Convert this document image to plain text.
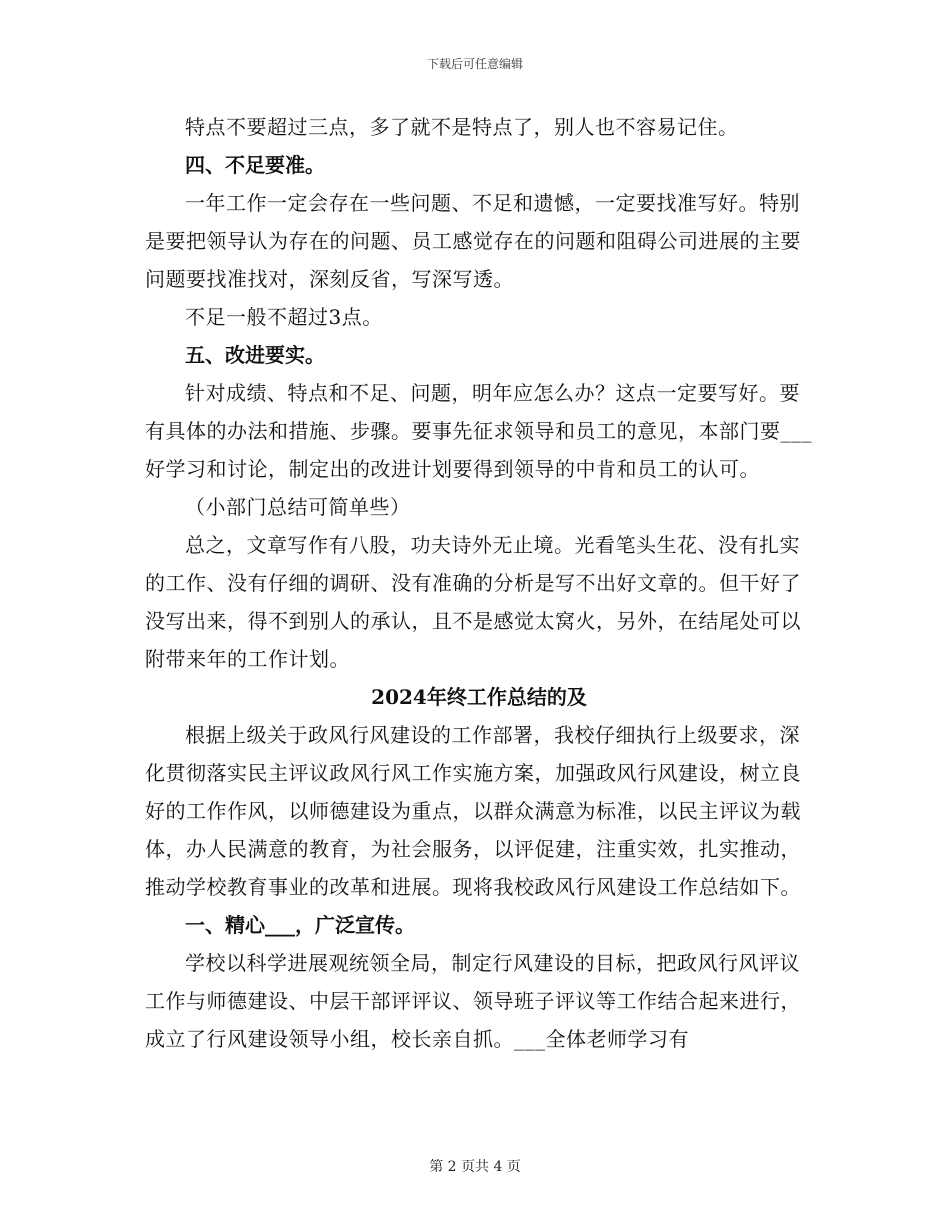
下载后可任意编辑

特点不要超过三点，多了就不是特点了，别人也不容易记住。

四、不足要准。

一年工作一定会存在一些问题、不足和遗憾，一定要找准写好。特别是要把领导认为存在的问题、员工感觉存在的问题和阻碍公司进展的主要问题要找准找对，深刻反省，写深写透。

不足一般不超过3点。

五、改进要实。

针对成绩、特点和不足、问题，明年应怎么办？这点一定要写好。要有具体的办法和措施、步骤。要事先征求领导和员工的意见，本部门要___好学习和讨论，制定出的改进计划要得到领导的中肯和员工的认可。

（小部门总结可简单些）

总之，文章写作有八股，功夫诗外无止境。光看笔头生花、没有扎实的工作、没有仔细的调研、没有准确的分析是写不出好文章的。但干好了没写出来，得不到别人的承认，且不是感觉太窝火，另外，在结尾处可以附带来年的工作计划。

2024年终工作总结的及

根据上级关于政风行风建设的工作部署，我校仔细执行上级要求，深化贯彻落实民主评议政风行风工作实施方案，加强政风行风建设，树立良好的工作作风，以师德建设为重点，以群众满意为标准，以民主评议为载体，办人民满意的教育，为社会服务，以评促建，注重实效，扎实推动，推动学校教育事业的改革和进展。现将我校政风行风建设工作总结如下。

一、精心___，广泛宣传。

学校以科学进展观统领全局，制定行风建设的目标，把政风行风评议工作与师德建设、中层干部评评议、领导班子评议等工作结合起来进行，成立了行风建设领导小组，校长亲自抓。___全体老师学习有

第 2 页共 4 页
